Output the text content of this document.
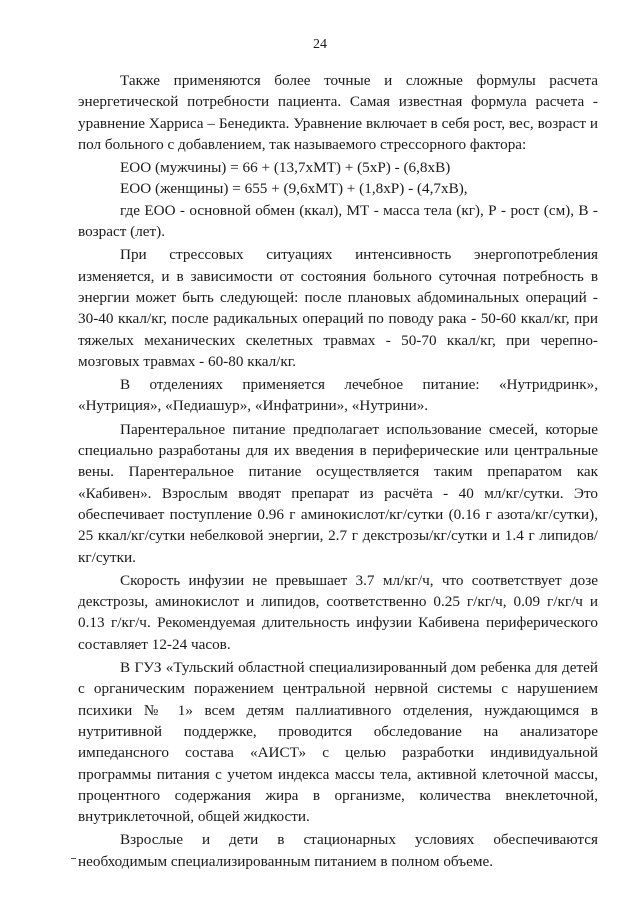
24

Также применяются более точные и сложные формулы расчета энергетической потребности пациента. Самая известная формула расчета - уравнение Харриса – Бенедикта. Уравнение включает в себя рост, вес, возраст и пол больного с добавлением, так называемого стрессорного фактора:

ЕОО (мужчины) = 66 + (13,7хМТ) + (5хР) - (6,8хВ)

ЕОО (женщины) = 655 + (9,6хМТ) + (1,8хР) - (4,7хВ),

где ЕОО - основной обмен (ккал), МТ - масса тела (кг), Р - рост (см), В - возраст (лет).

При стрессовых ситуациях интенсивность энергопотребления изменяется, и в зависимости от состояния больного суточная потребность в энергии может быть следующей: после плановых абдоминальных операций - 30-40 ккал/кг, после радикальных операций по поводу рака - 50-60 ккал/кг, при тяжелых механических скелетных травмах - 50-70 ккал/кг, при черепно-мозговых травмах - 60-80 ккал/кг.

В отделениях применяется лечебное питание: «Нутридринк», «Нутриция», «Педиашур», «Инфатрини», «Нутрини».

Парентеральное питание предполагает использование смесей, которые специально разработаны для их введения в периферические или центральные вены. Парентеральное питание осуществляется таким препаратом как «Кабивен». Взрослым вводят препарат из расчёта - 40 мл/кг/сутки. Это обеспечивает поступление 0.96 г аминокислот/кг/сутки (0.16 г азота/кг/сутки), 25 ккал/кг/сутки небелковой энергии, 2.7 г декстрозы/кг/сутки и 1.4 г липидов/кг/сутки.

Скорость инфузии не превышает 3.7 мл/кг/ч, что соответствует дозе декстрозы, аминокислот и липидов, соответственно 0.25 г/кг/ч, 0.09 г/кг/ч и 0.13 г/кг/ч. Рекомендуемая длительность инфузии Кабивена периферического составляет 12-24 часов.

В ГУЗ «Тульский областной специализированный дом ребенка для детей с органическим поражением центральной нервной системы с нарушением психики № 1» всем детям паллиативного отделения, нуждающимся в нутритивной поддержке, проводится обследование на анализаторе импедансного состава «АИСТ» с целью разработки индивидуальной программы питания с учетом индекса массы тела, активной клеточной массы, процентного содержания жира в организме, количества внеклеточной, внутриклеточной, общей жидкости.

Взрослые и дети в стационарных условиях обеспечиваются необходимым специализированным питанием в полном объеме.
